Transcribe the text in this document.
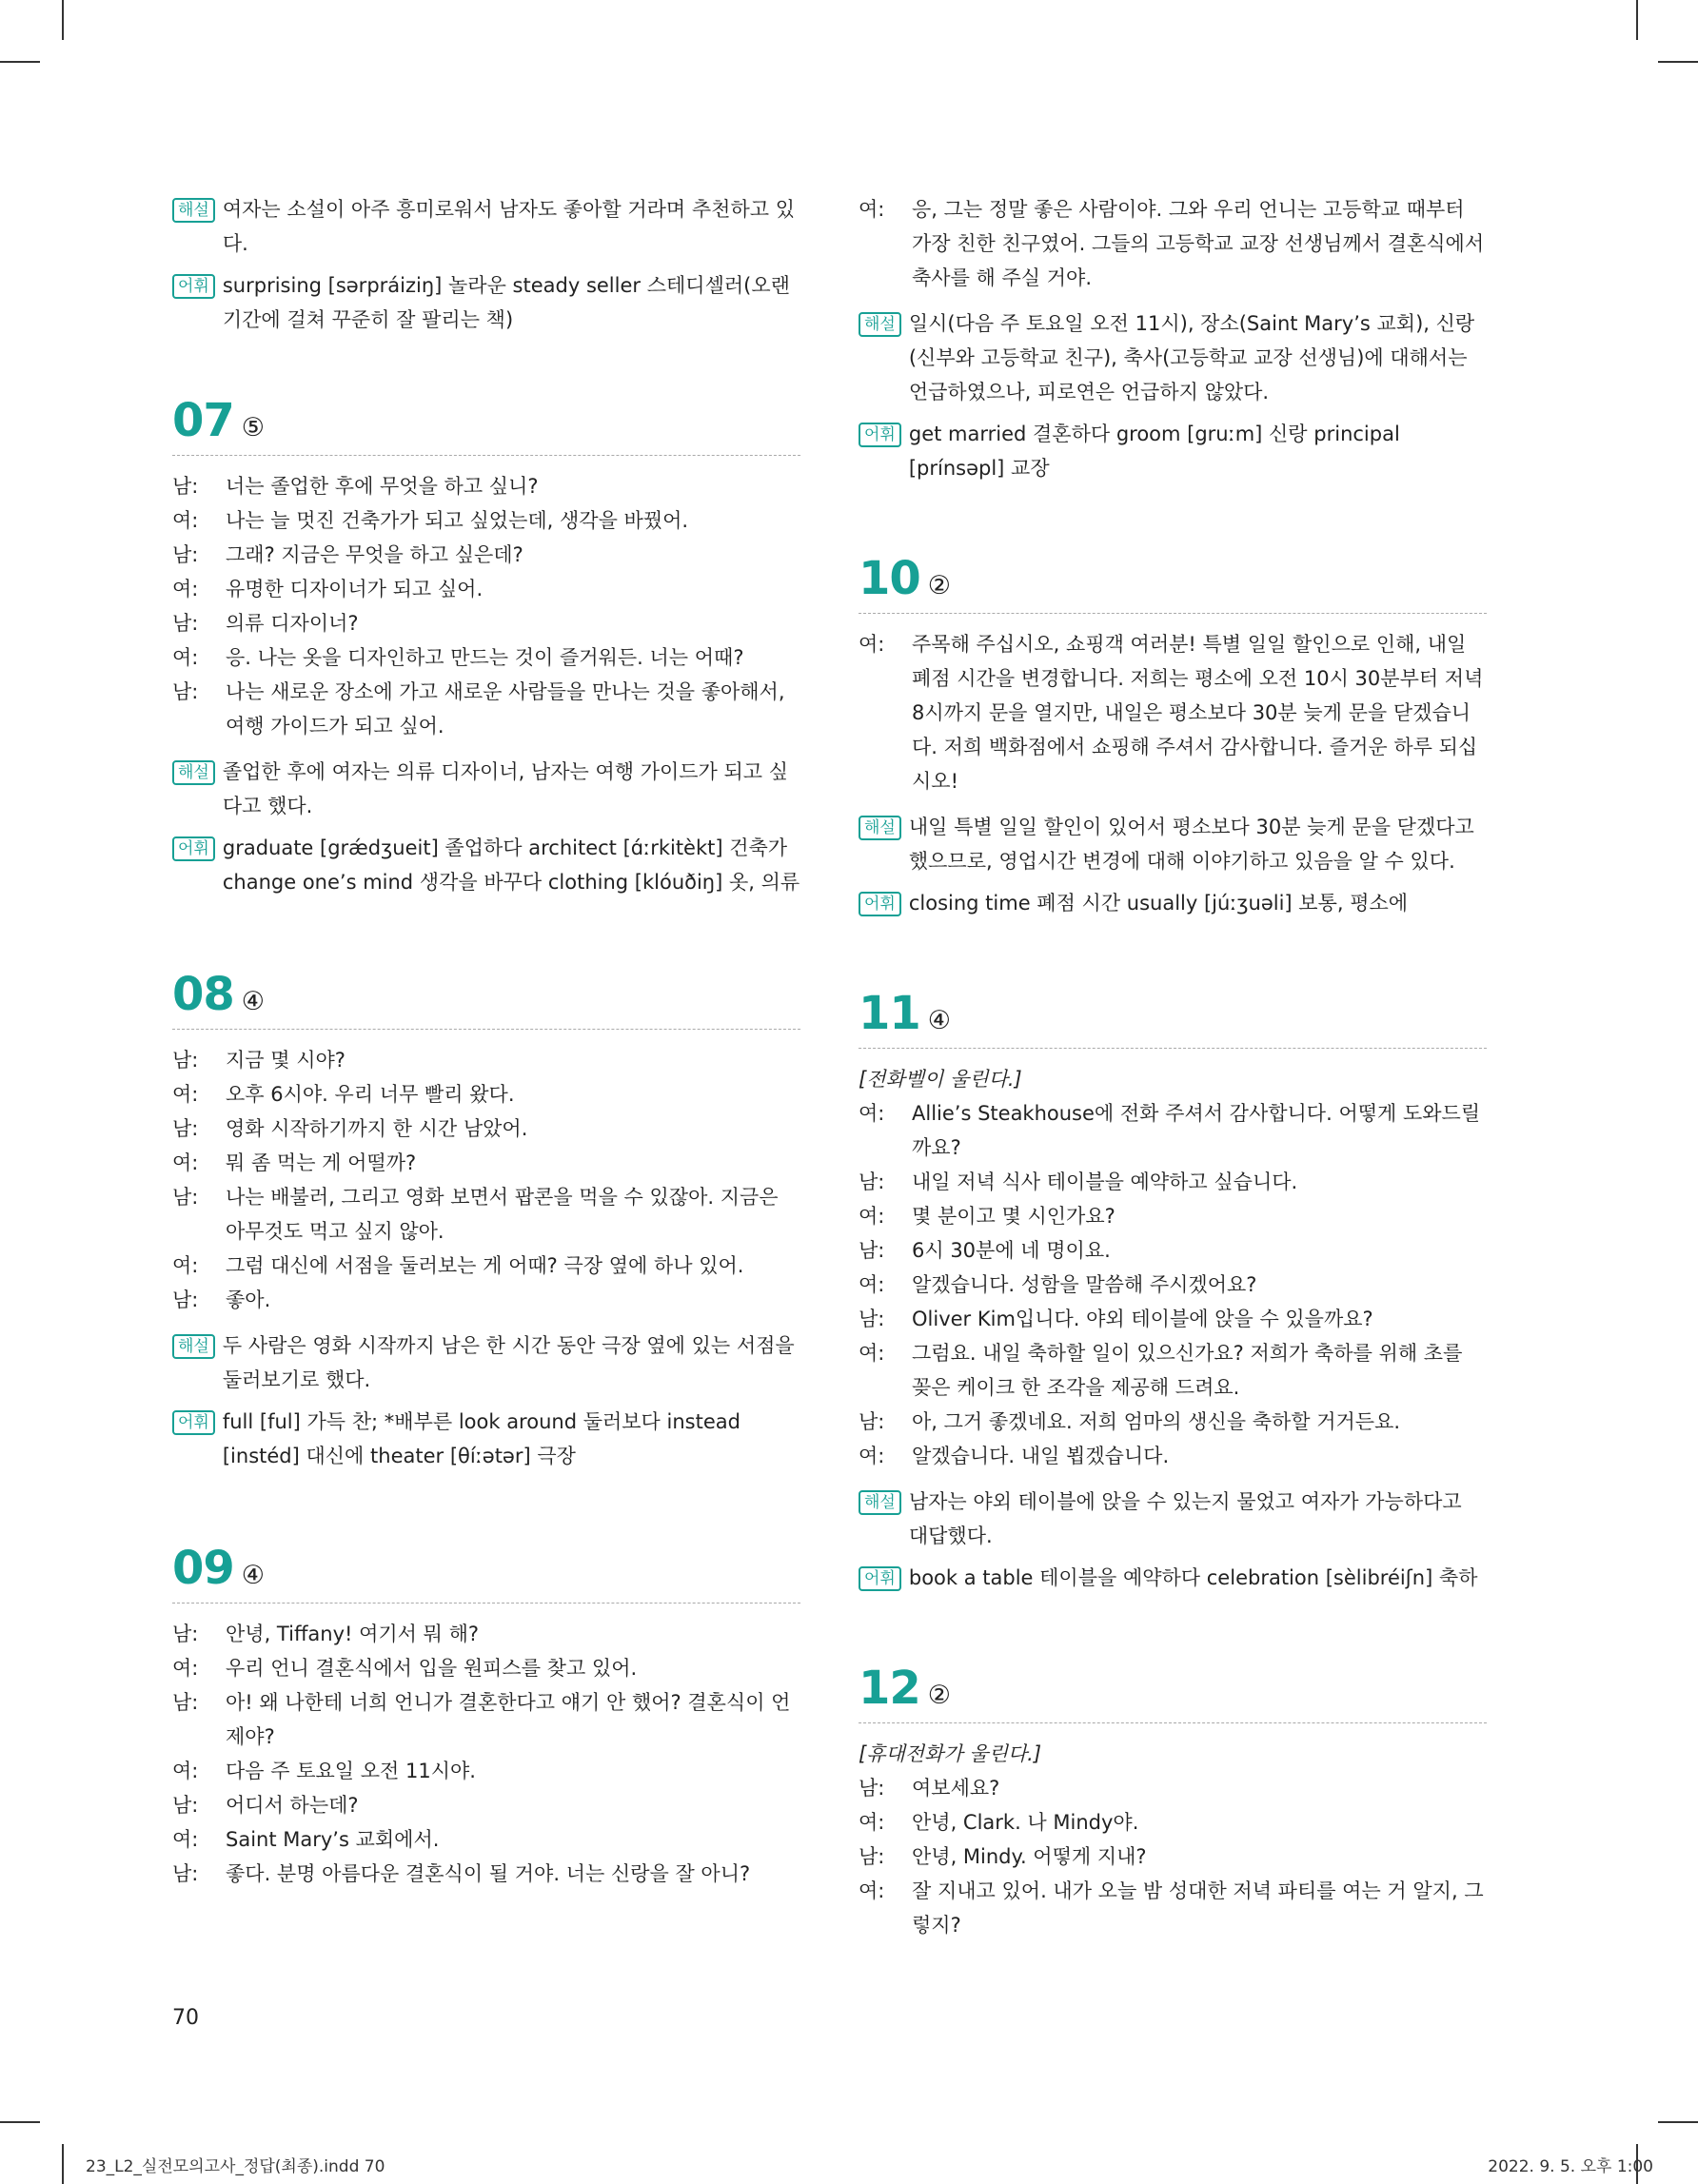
해설 여자는 소설이 아주 흥미로워서 남자도 좋아할 거라며 추천하고 있다.
어휘 surprising [sərpráiziŋ] 놀라운 steady seller 스테디셀러(오랜 기간에 걸쳐 꾸준히 잘 팔리는 책)
07 ⑤
남:	너는 졸업한 후에 무엇을 하고 싶니?
여:	나는 늘 멋진 건축가가 되고 싶었는데, 생각을 바꿨어.
남:	그래? 지금은 무엇을 하고 싶은데?
여:	유명한 디자이너가 되고 싶어.
남:	의류 디자이너?
여:	응. 나는 옷을 디자인하고 만드는 것이 즐거워든. 너는 어때?
남:	나는 새로운 장소에 가고 새로운 사람들을 만나는 것을 좋아해서, 여행 가이드가 되고 싶어.
해설 졸업한 후에 여자는 의류 디자이너, 남자는 여행 가이드가 되고 싶다고 했다.
어휘 graduate [grǽdʒueit] 졸업하다 architect [ɑ́ːrkitèkt] 건축가 change one’s mind 생각을 바꾸다 clothing [klóuðiŋ] 옷, 의류
08 ④
남:	지금 몇 시야?
여:	오후 6시야. 우리 너무 빨리 왔다.
남:	영화 시작하기까지 한 시간 남았어.
여:	뭐 좀 먹는 게 어떨까?
남:	나는 배불러, 그리고 영화 보면서 팝콘을 먹을 수 있잖아. 지금은 아무것도 먹고 싶지 않아.
여:	그럼 대신에 서점을 둘러보는 게 어때? 극장 옆에 하나 있어.
남:	좋아.
해설 두 사람은 영화 시작까지 남은 한 시간 동안 극장 옆에 있는 서점을 둘러보기로 했다.
어휘 full [ful] 가득 찬; *배부른 look around 둘러보다 instead [instéd] 대신에 theater [θíːətər] 극장
09 ④
남:	안녕, Tiffany! 여기서 뭐 해?
여:	우리 언니 결혼식에서 입을 원피스를 찾고 있어.
남:	아! 왜 나한테 너희 언니가 결혼한다고 얘기 안 했어? 결혼식이 언제야?
여:	다음 주 토요일 오전 11시야.
남:	어디서 하는데?
여:	Saint Mary’s 교회에서.
남:	좋다. 분명 아름다운 결혼식이 될 거야. 너는 신랑을 잘 아니?
여:	응, 그는 정말 좋은 사람이야. 그와 우리 언니는 고등학교 때부터 가장 친한 친구였어. 그들의 고등학교 교장 선생님께서 결혼식에서 축사를 해 주실 거야.
해설 일시(다음 주 토요일 오전 11시), 장소(Saint Mary’s 교회), 신랑(신부와 고등학교 친구), 축사(고등학교 교장 선생님)에 대해서는 언급하였으나, 피로연은 언급하지 않았다.
어휘 get married 결혼하다 groom [gruːm] 신랑 principal [prínsəpl] 교장
10 ②
여:	주목해 주십시오, 쇼핑객 여러분! 특별 일일 할인으로 인해, 내일 폐점 시간을 변경합니다. 저희는 평소에 오전 10시 30분부터 저녁 8시까지 문을 열지만, 내일은 평소보다 30분 늦게 문을 닫겠습니다. 저희 백화점에서 쇼핑해 주셔서 감사합니다. 즐거운 하루 되십시오!
해설 내일 특별 일일 할인이 있어서 평소보다 30분 늦게 문을 닫겠다고 했으므로, 영업시간 변경에 대해 이야기하고 있음을 알 수 있다.
어휘 closing time 폐점 시간 usually [júːʒuəli] 보통, 평소에
11 ④
[전화벨이 울린다.]
여:	Allie’s Steakhouse에 전화 주셔서 감사합니다. 어떻게 도와드릴까요?
남:	내일 저녁 식사 테이블을 예약하고 싶습니다.
여:	몇 분이고 몇 시인가요?
남:	6시 30분에 네 명이요.
여:	알겠습니다. 성함을 말씀해 주시겠어요?
남:	Oliver Kim입니다. 야외 테이블에 앉을 수 있을까요?
여:	그럼요. 내일 축하할 일이 있으신가요? 저희가 축하를 위해 초를 꽂은 케이크 한 조각을 제공해 드려요.
남:	아, 그거 좋겠네요. 저희 엄마의 생신을 축하할 거거든요.
여:	알겠습니다. 내일 뵙겠습니다.
해설 남자는 야외 테이블에 앉을 수 있는지 물었고 여자가 가능하다고 대답했다.
어휘 book a table 테이블을 예약하다 celebration [sèlibréiʃn] 축하
12 ②
[휴대전화가 울린다.]
남:	여보세요?
여:	안녕, Clark. 나 Mindy야.
남:	안녕, Mindy. 어떻게 지내?
여:	잘 지내고 있어. 내가 오늘 밤 성대한 저녁 파티를 여는 거 알지, 그렇지?
70
23_L2_실전모의고사_정답(최종).indd 70	2022. 9. 5. 오후 1:00
